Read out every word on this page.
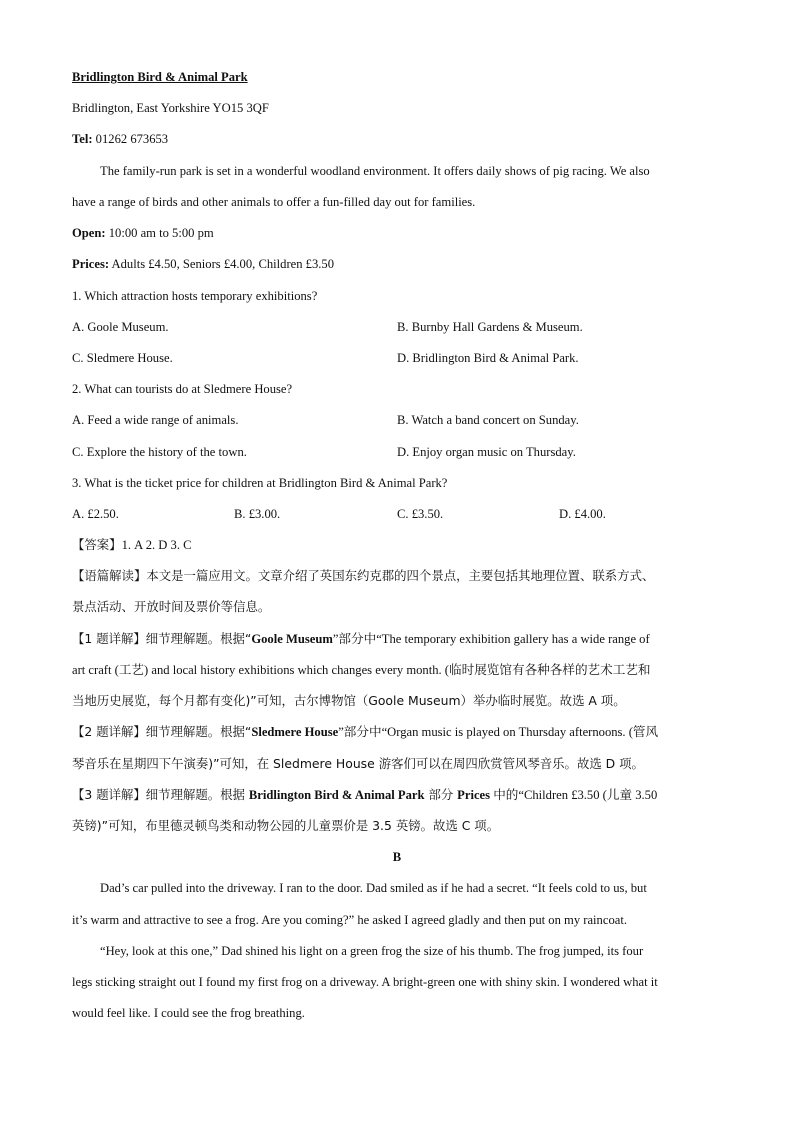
Bridlington Bird & Animal Park
Bridlington, East Yorkshire YO15 3QF
Tel: 01262 673653
The family-run park is set in a wonderful woodland environment. It offers daily shows of pig racing. We also
have a range of birds and other animals to offer a fun-filled day out for families.
Open: 10:00 am to 5:00 pm
Prices: Adults £4.50, Seniors £4.00, Children £3.50
1. Which attraction hosts temporary exhibitions?
A. Goole Museum.	B. Burnby Hall Gardens & Museum.
C. Sledmere House.	D. Bridlington Bird & Animal Park.
2. What can tourists do at Sledmere House?
A. Feed a wide range of animals.	B. Watch a band concert on Sunday.
C. Explore the history of the town.	D. Enjoy organ music on Thursday.
3. What is the ticket price for children at Bridlington Bird & Animal Park?
A. £2.50.	B. £3.00.	C. £3.50.	D. £4.00.
【答案】1. A 2. D 3. C
【语篇解读】本文是一篇应用文。文章介绍了英国东约克郡的四个景点，主要包括其地理位置、联系方式、
景点活动、开放时间及票价等信息。
【1 题详解】细节理解题。根据“Goole Museum”部分中“The temporary exhibition gallery has a wide range of
art craft (工艺) and local history exhibitions which changes every month. (临时展览馆有各种各样的艺术工艺和
当地历史展览，每个月都有变化)”可知，古尔博物馆（Goole Museum）举办临时展览。故选 A 项。
【2 题详解】细节理解题。根据“Sledmere House”部分中“Organ music is played on Thursday afternoons. (管风
琴音乐在星期四下午演奏)”可知，在 Sledmere House 游客们可以在周四欣赏管风琴音乐。故选 D 项。
【3 题详解】细节理解题。根据 Bridlington Bird & Animal Park 部分 Prices 中的“Children £3.50 (儿童 3.50
英镑)”可知，布里德灵顿鸟类和动物公园的儿童票价是 3.5 英镑。故选 C 项。
B
Dad’s car pulled into the driveway. I ran to the door. Dad smiled as if he had a secret. “It feels cold to us, but
it’s warm and attractive to see a frog. Are you coming?” he asked I agreed gladly and then put on my raincoat.
“Hey, look at this one,” Dad shined his light on a green frog the size of his thumb. The frog jumped, its four
legs sticking straight out I found my first frog on a driveway. A bright-green one with shiny skin. I wondered what it
would feel like. I could see the frog breathing.
